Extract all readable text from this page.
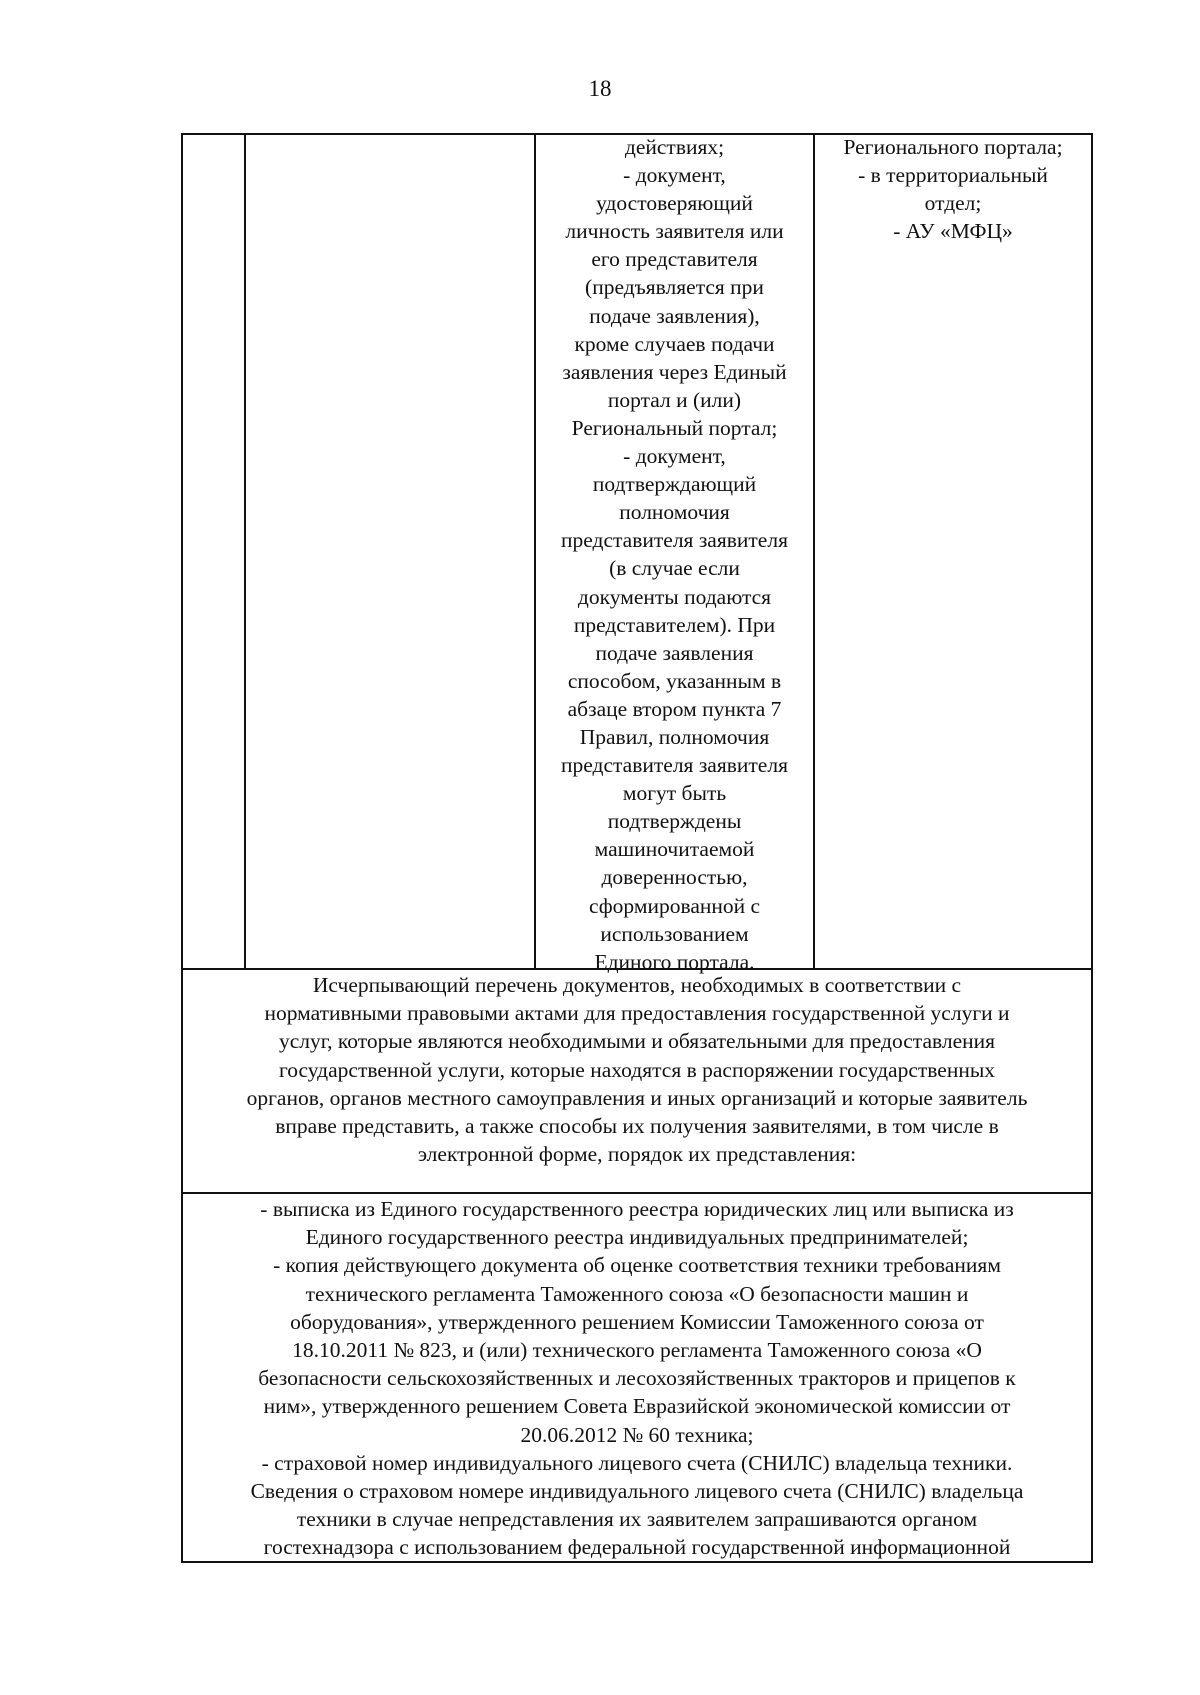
18
действиях;
- документ,
удостоверяющий
личность заявителя или
его представителя
(предъявляется при
подаче заявления),
кроме случаев подачи
заявления через Единый
портал и (или)
Региональный портал;
- документ,
подтверждающий
полномочия
представителя заявителя
(в случае если
документы подаются
представителем). При
подаче заявления
способом, указанным в
абзаце втором пункта 7
Правил, полномочия
представителя заявителя
могут быть
подтверждены
машиночитаемой
доверенностью,
сформированной с
использованием
Единого портала.
Регионального портала;
- в территориальный
отдел;
- АУ «МФЦ»
Исчерпывающий перечень документов, необходимых в соответствии с
нормативными правовыми актами для предоставления государственной услуги и
услуг, которые являются необходимыми и обязательными для предоставления
государственной услуги, которые находятся в распоряжении государственных
органов, органов местного самоуправления и иных организаций и которые заявитель
вправе представить, а также способы их получения заявителями, в том числе в
электронной форме, порядок их представления:
- выписка из Единого государственного реестра юридических лиц или выписка из
Единого государственного реестра индивидуальных предпринимателей;
- копия действующего документа об оценке соответствия техники требованиям
технического регламента Таможенного союза «О безопасности машин и
оборудования», утвержденного решением Комиссии Таможенного союза от
18.10.2011 № 823, и (или) технического регламента Таможенного союза «О
безопасности сельскохозяйственных и лесохозяйственных тракторов и прицепов к
ним», утвержденного решением Совета Евразийской экономической комиссии от
20.06.2012 № 60 техника;
- страховой номер индивидуального лицевого счета (СНИЛС) владельца техники.
Сведения о страховом номере индивидуального лицевого счета (СНИЛС) владельца
техники в случае непредставления их заявителем запрашиваются органом
гостехнадзора с использованием федеральной государственной информационной
